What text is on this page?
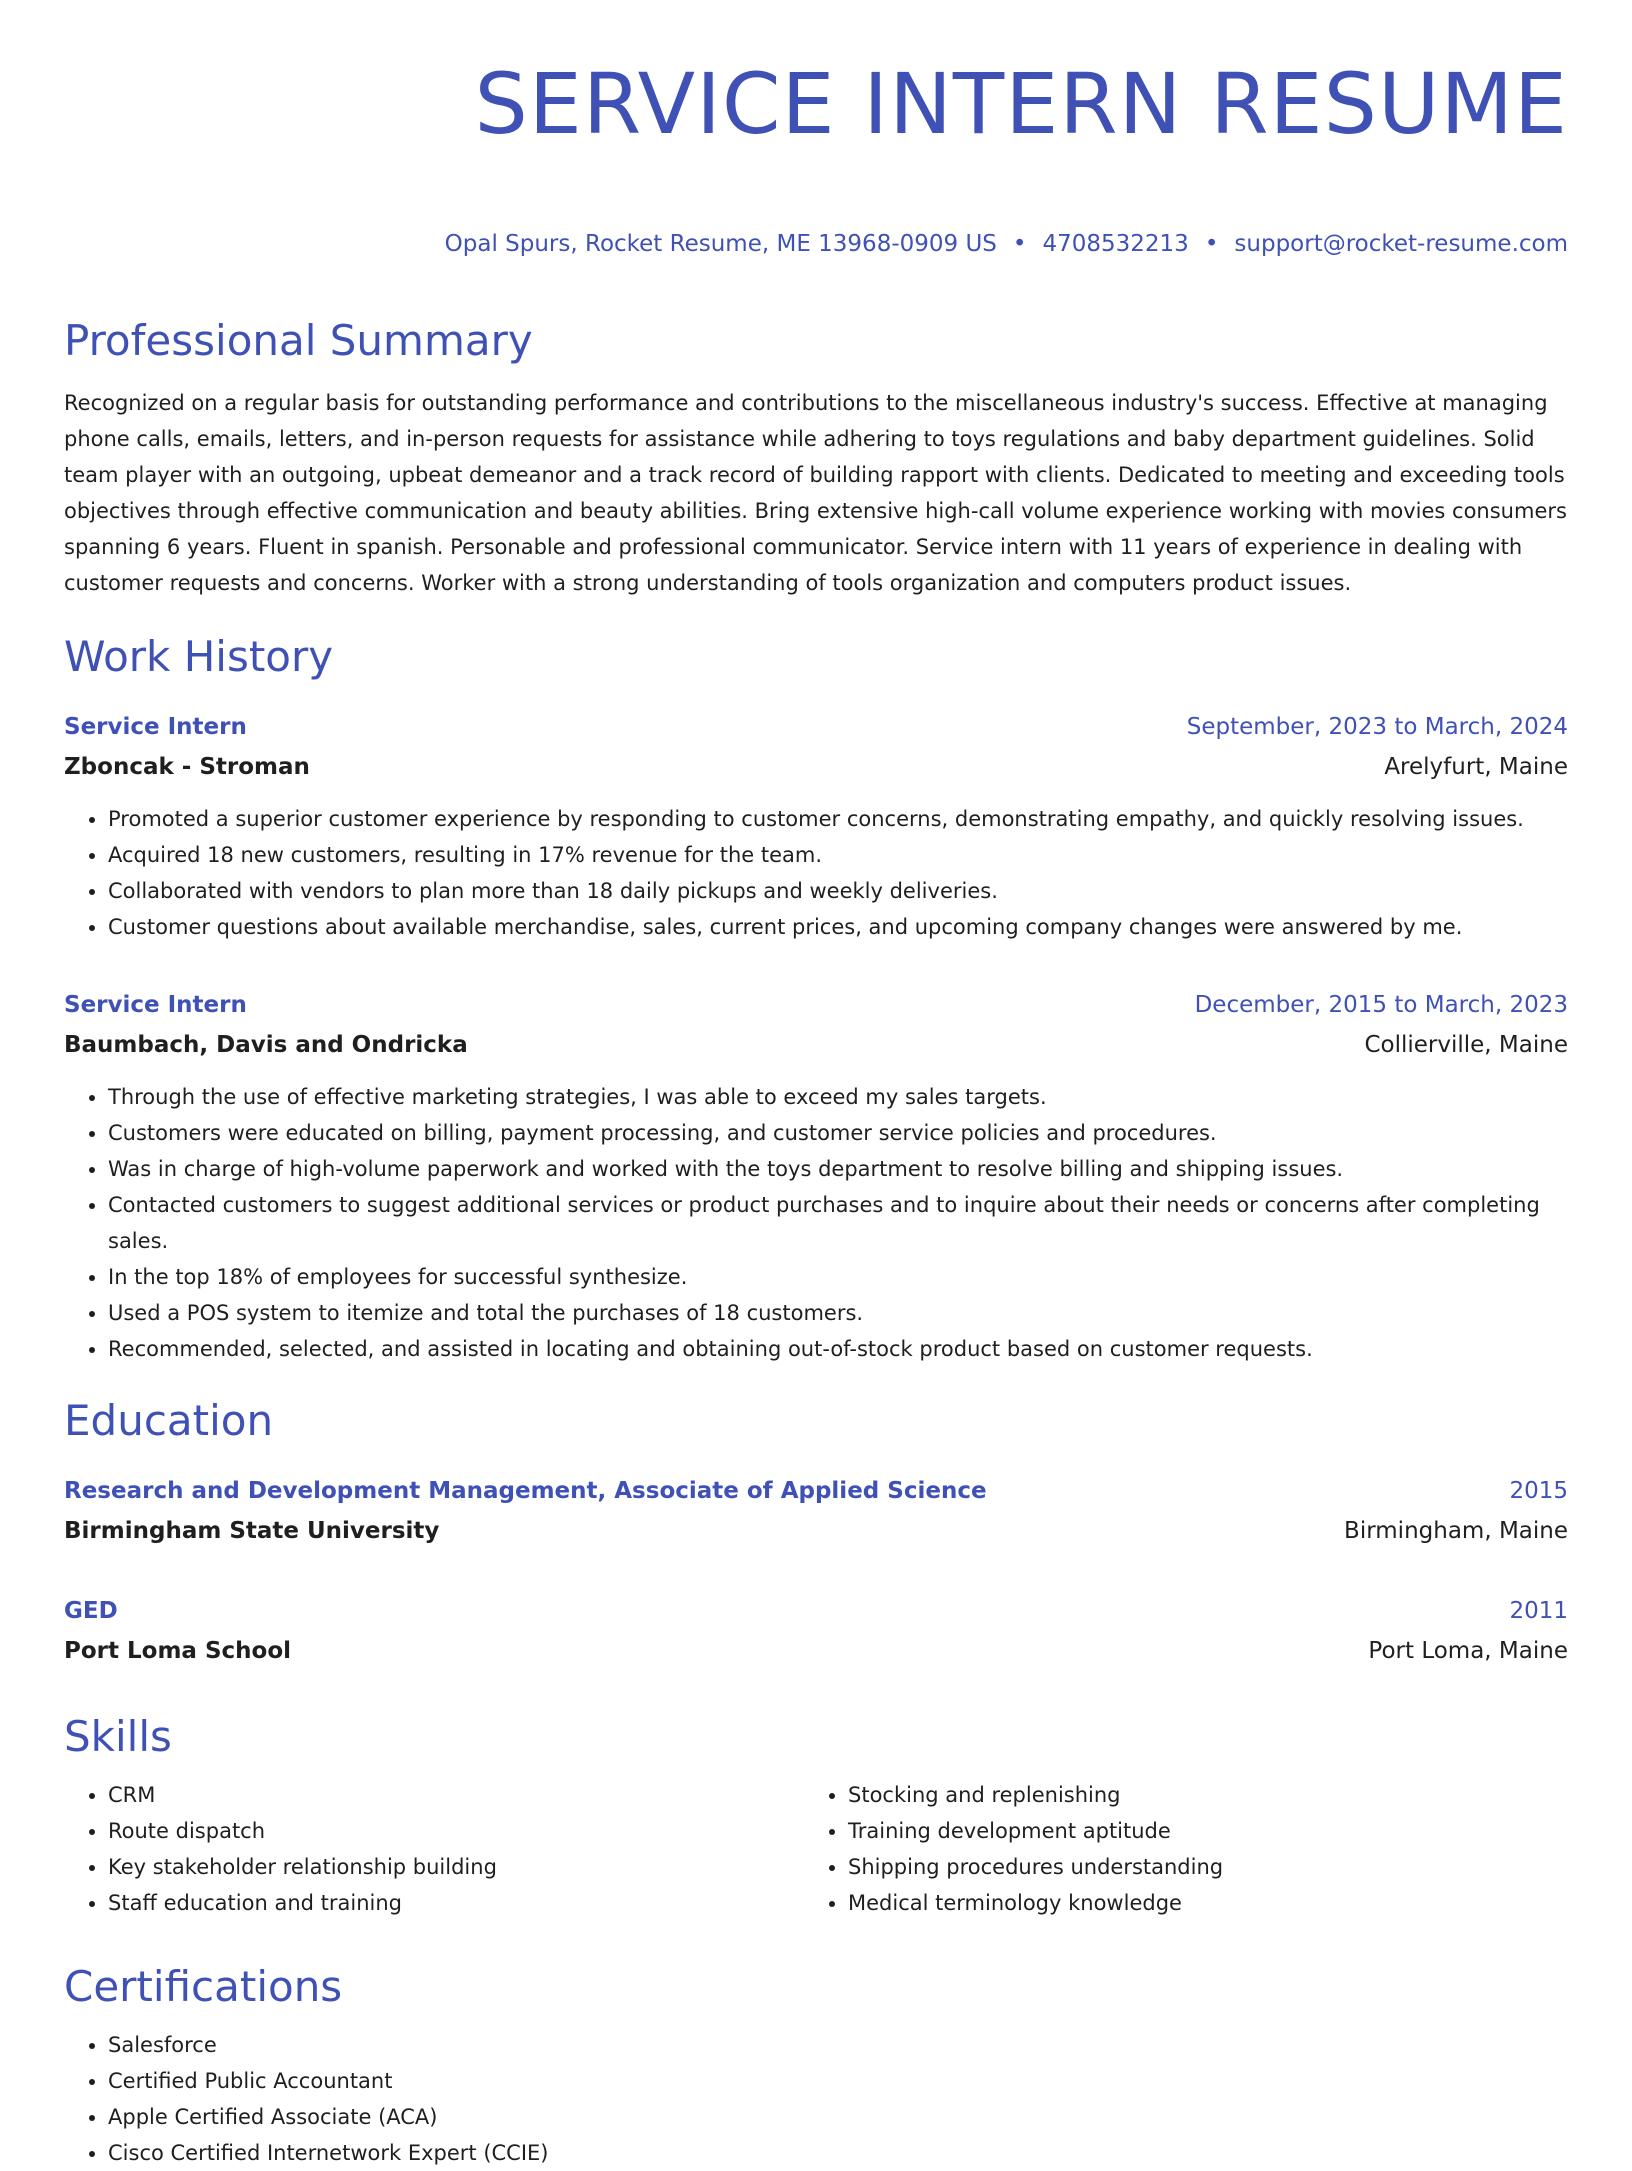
SERVICE INTERN RESUME
Opal Spurs, Rocket Resume, ME 13968-0909 US • 4708532213 • support@rocket-resume.com
Professional Summary
Recognized on a regular basis for outstanding performance and contributions to the miscellaneous industry's success. Effective at managing phone calls, emails, letters, and in-person requests for assistance while adhering to toys regulations and baby department guidelines. Solid team player with an outgoing, upbeat demeanor and a track record of building rapport with clients. Dedicated to meeting and exceeding tools objectives through effective communication and beauty abilities. Bring extensive high-call volume experience working with movies consumers spanning 6 years. Fluent in spanish. Personable and professional communicator. Service intern with 11 years of experience in dealing with customer requests and concerns. Worker with a strong understanding of tools organization and computers product issues.
Work History
Service Intern	September, 2023 to March, 2024
Zboncak - Stroman	Arelyfurt, Maine
• Promoted a superior customer experience by responding to customer concerns, demonstrating empathy, and quickly resolving issues.
• Acquired 18 new customers, resulting in 17% revenue for the team.
• Collaborated with vendors to plan more than 18 daily pickups and weekly deliveries.
• Customer questions about available merchandise, sales, current prices, and upcoming company changes were answered by me.
Service Intern	December, 2015 to March, 2023
Baumbach, Davis and Ondricka	Collierville, Maine
• Through the use of effective marketing strategies, I was able to exceed my sales targets.
• Customers were educated on billing, payment processing, and customer service policies and procedures.
• Was in charge of high-volume paperwork and worked with the toys department to resolve billing and shipping issues.
• Contacted customers to suggest additional services or product purchases and to inquire about their needs or concerns after completing sales.
• In the top 18% of employees for successful synthesize.
• Used a POS system to itemize and total the purchases of 18 customers.
• Recommended, selected, and assisted in locating and obtaining out-of-stock product based on customer requests.
Education
Research and Development Management, Associate of Applied Science	2015
Birmingham State University	Birmingham, Maine
GED	2011
Port Loma School	Port Loma, Maine
Skills
• CRM
• Route dispatch
• Key stakeholder relationship building
• Staff education and training
• Stocking and replenishing
• Training development aptitude
• Shipping procedures understanding
• Medical terminology knowledge
Certifications
• Salesforce
• Certified Public Accountant
• Apple Certified Associate (ACA)
• Cisco Certified Internetwork Expert (CCIE)
